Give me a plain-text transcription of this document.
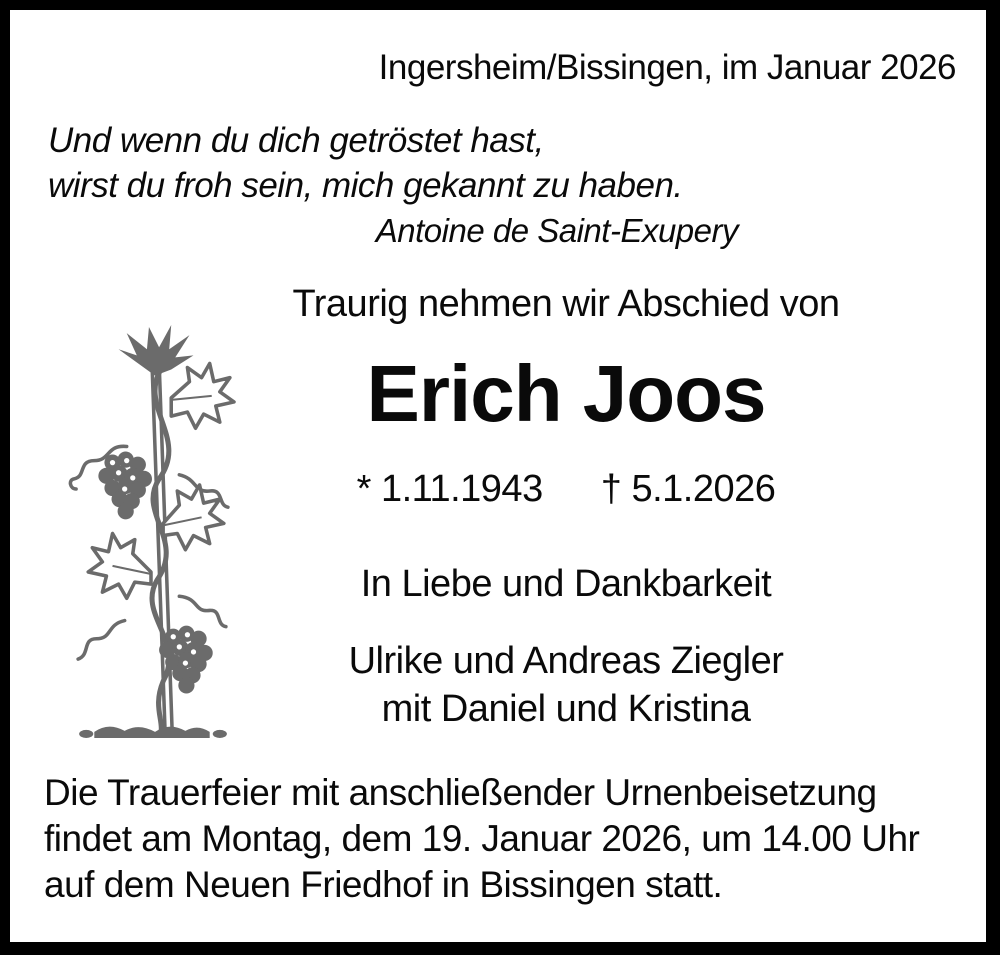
Ingersheim/Bissingen, im Januar 2026
Und wenn du dich getröstet hast,
wirst du froh sein, mich gekannt zu haben.
Antoine de Saint-Exupery
Traurig nehmen wir Abschied von
Erich Joos
* 1.11.1943 † 5.1.2026
In Liebe und Dankbarkeit
Ulrike und Andreas Ziegler
mit Daniel und Kristina
Die Trauerfeier mit anschließender Urnenbeisetzung
findet am Montag, dem 19. Januar 2026, um 14.00 Uhr
auf dem Neuen Friedhof in Bissingen statt.
